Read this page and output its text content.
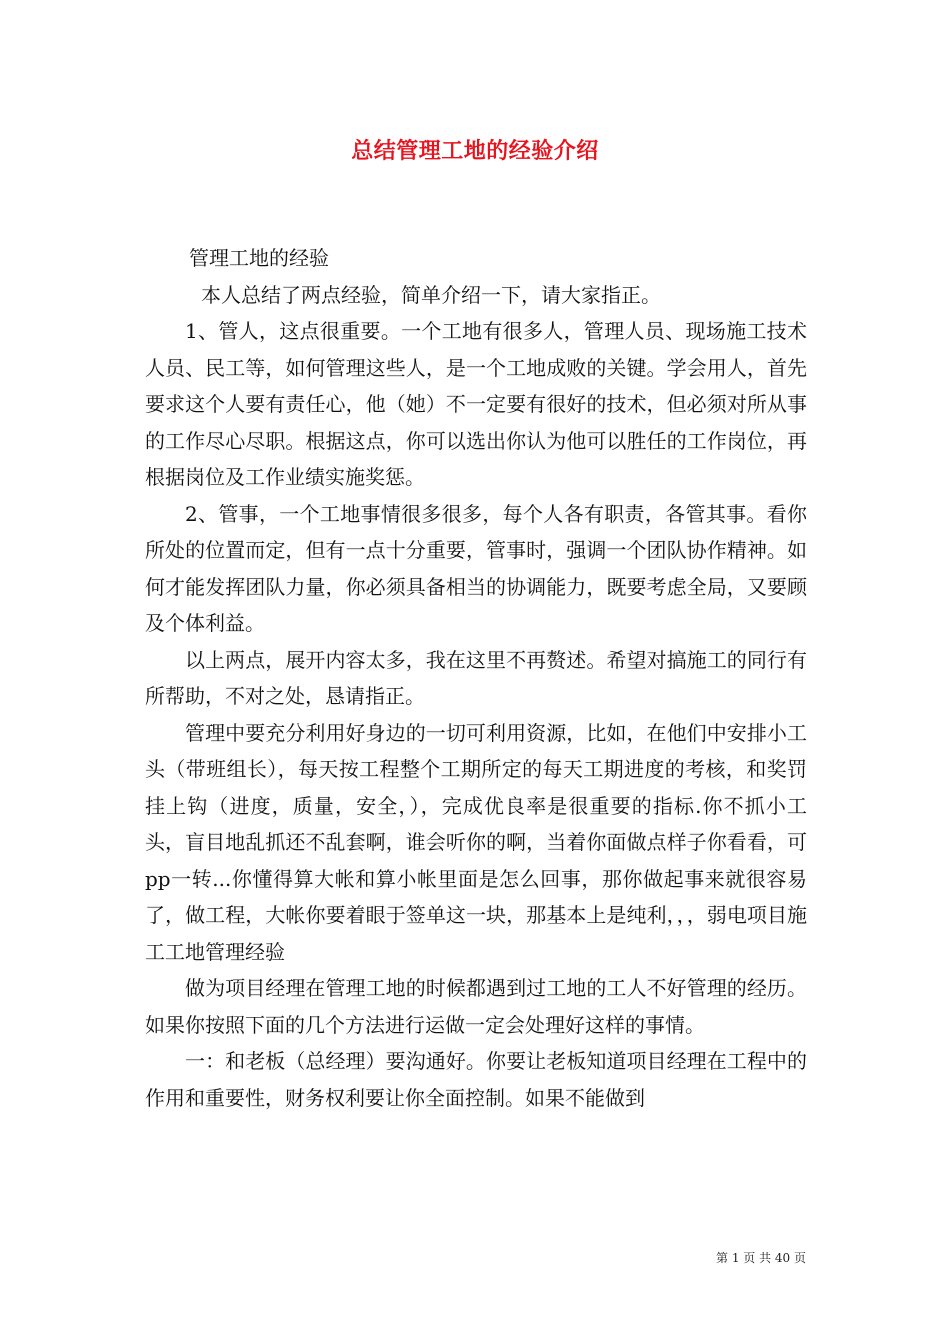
总结管理工地的经验介绍

管理工地的经验

本人总结了两点经验，简单介绍一下，请大家指正。

1、管人，这点很重要。一个工地有很多人，管理人员、现场施工技术人员、民工等，如何管理这些人，是一个工地成败的关键。学会用人，首先要求这个人要有责任心，他（她）不一定要有很好的技术，但必须对所从事的工作尽心尽职。根据这点，你可以选出你认为他可以胜任的工作岗位，再根据岗位及工作业绩实施奖惩。

2、管事，一个工地事情很多很多，每个人各有职责，各管其事。看你所处的位置而定，但有一点十分重要，管事时，强调一个团队协作精神。如何才能发挥团队力量，你必须具备相当的协调能力，既要考虑全局，又要顾及个体利益。

以上两点，展开内容太多，我在这里不再赘述。希望对搞施工的同行有所帮助，不对之处，恳请指正。

管理中要充分利用好身边的一切可利用资源，比如，在他们中安排小工头（带班组长），每天按工程整个工期所定的每天工期进度的考核，和奖罚挂上钩（进度，质量，安全，），完成优良率是很重要的指标.你不抓小工头，盲目地乱抓还不乱套啊，谁会听你的啊，当着你面做点样子你看看，可pp一转...你懂得算大帐和算小帐里面是怎么回事，那你做起事来就很容易了，做工程，大帐你要着眼于签单这一块，那基本上是纯利，，，弱电项目施工工地管理经验

做为项目经理在管理工地的时候都遇到过工地的工人不好管理的经历。如果你按照下面的几个方法进行运做一定会处理好这样的事情。

一：和老板（总经理）要沟通好。你要让老板知道项目经理在工程中的作用和重要性，财务权利要让你全面控制。如果不能做到

第 1 页 共 40 页
